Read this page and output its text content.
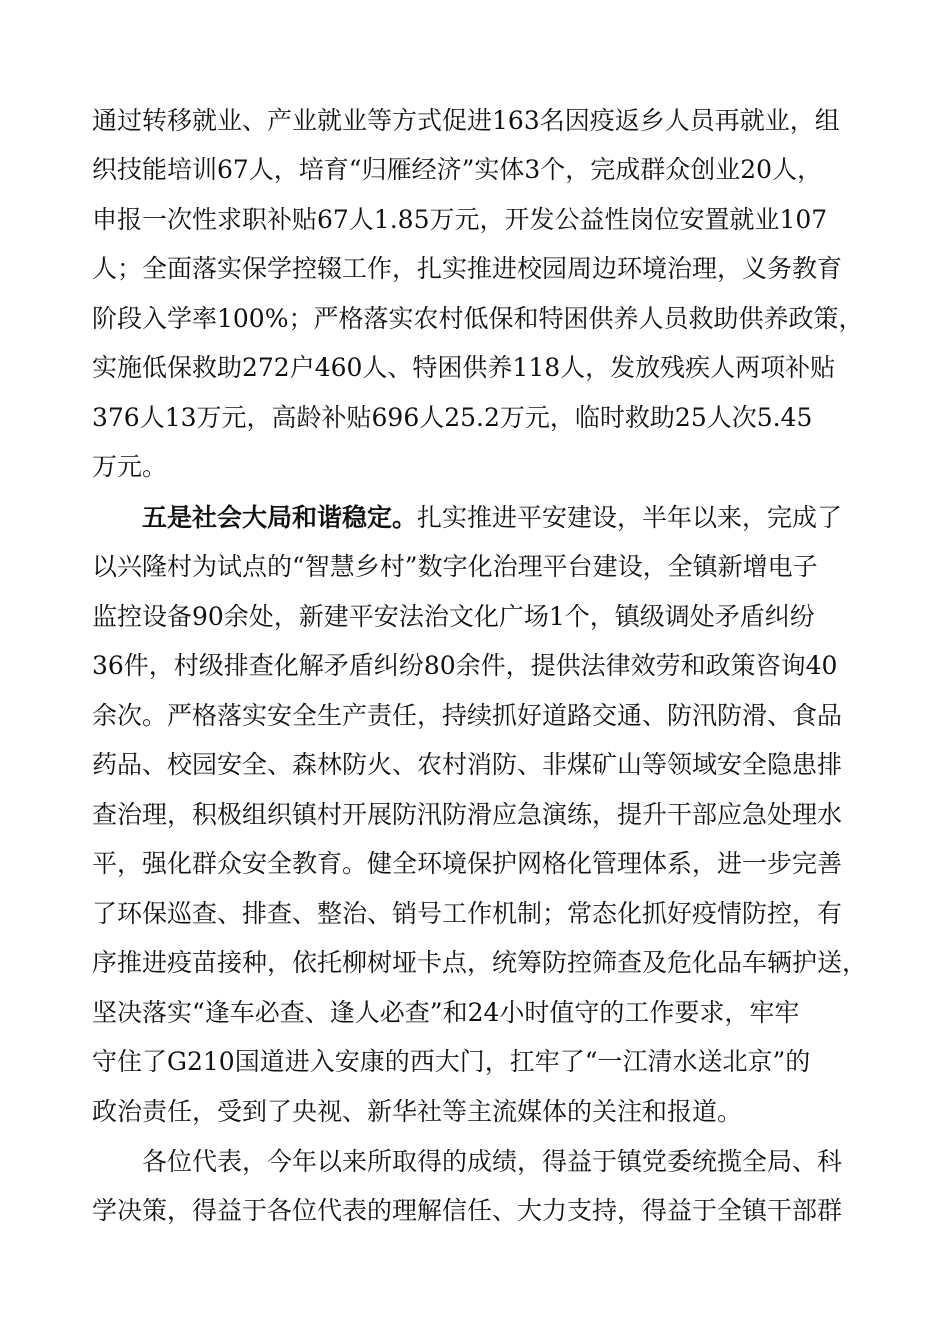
通过转移就业、产业就业等方式促进163名因疫返乡人员再就业，组
织技能培训67人，培育“归雁经济”实体3个，完成群众创业20人，
申报一次性求职补贴67人1.85万元，开发公益性岗位安置就业107
人；全面落实保学控辍工作，扎实推进校园周边环境治理，义务教育
阶段入学率100%；严格落实农村低保和特困供养人员救助供养政策，
实施低保救助272户460人、特困供养118人，发放残疾人两项补贴
376人13万元，高龄补贴696人25.2万元，临时救助25人次5.45
万元。
五是社会大局和谐稳定。扎实推进平安建设，半年以来，完成了
以兴隆村为试点的“智慧乡村”数字化治理平台建设，全镇新增电子
监控设备90余处，新建平安法治文化广场1个，镇级调处矛盾纠纷
36件，村级排查化解矛盾纠纷80余件，提供法律效劳和政策咨询40
余次。严格落实安全生产责任，持续抓好道路交通、防汛防滑、食品
药品、校园安全、森林防火、农村消防、非煤矿山等领域安全隐患排
查治理，积极组织镇村开展防汛防滑应急演练，提升干部应急处理水
平，强化群众安全教育。健全环境保护网格化管理体系，进一步完善
了环保巡查、排查、整治、销号工作机制；常态化抓好疫情防控，有
序推进疫苗接种，依托柳树垭卡点，统筹防控筛查及危化品车辆护送，
坚决落实“逢车必查、逢人必查”和24小时值守的工作要求，牢牢
守住了G210国道进入安康的西大门，扛牢了“一江清水送北京”的
政治责任，受到了央视、新华社等主流媒体的关注和报道。
各位代表，今年以来所取得的成绩，得益于镇党委统揽全局、科
学决策，得益于各位代表的理解信任、大力支持，得益于全镇干部群
